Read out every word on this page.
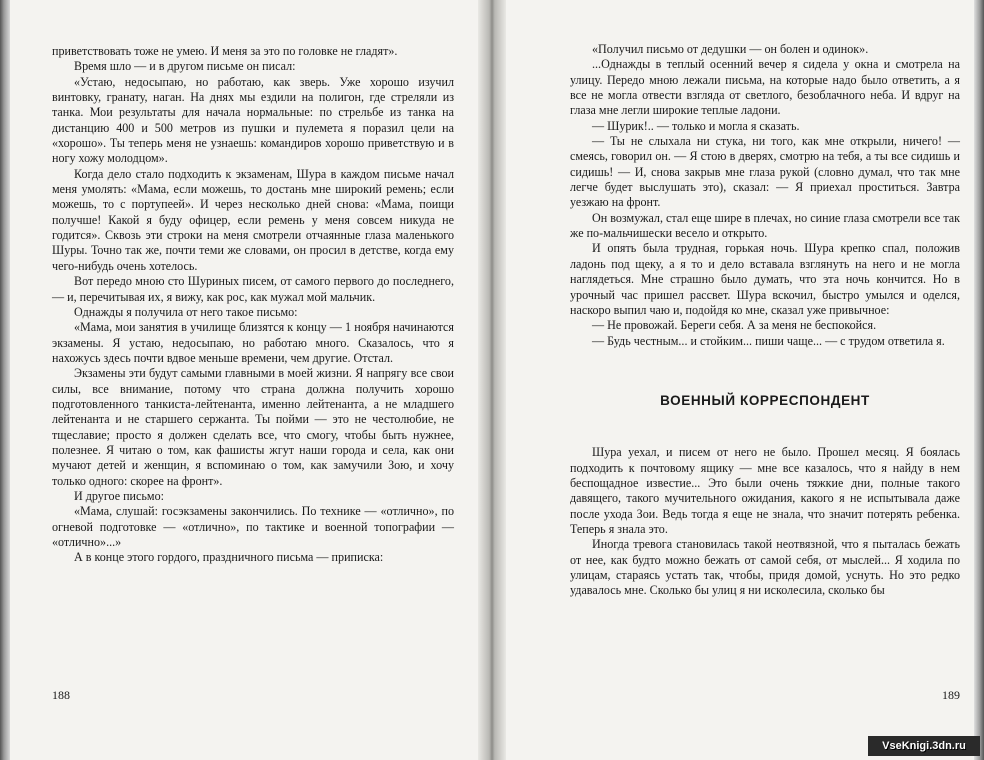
приветствовать тоже не умею. И меня за это по головке не гладят».

Время шло — и в другом письме он писал:

«Устаю, недосыпаю, но работаю, как зверь. Уже хорошо изучил винтовку, гранату, наган. На днях мы ездили на полигон, где стреляли из танка. Мои результаты для начала нормальные: по стрельбе из танка на дистанцию 400 и 500 метров из пушки и пулемета я поразил цели на «хорошо». Ты теперь меня не узнаешь: командиров хорошо приветствую и в ногу хожу молодцом».

Когда дело стало подходить к экзаменам, Шура в каждом письме начал меня умолять: «Мама, если можешь, то достань мне широкий ремень; если можешь, то с портупеей». И через несколько дней снова: «Мама, поищи получше! Какой я буду офицер, если ремень у меня совсем никуда не годится». Сквозь эти строки на меня смотрели отчаянные глаза маленького Шуры. Точно так же, почти теми же словами, он просил в детстве, когда ему чего-нибудь очень хотелось.

Вот передо мною сто Шуриных писем, от самого первого до последнего, — и, перечитывая их, я вижу, как рос, как мужал мой мальчик.

Однажды я получила от него такое письмо:

«Мама, мои занятия в училище близятся к концу — 1 ноября начинаются экзамены. Я устаю, недосыпаю, но работаю много. Сказалось, что я нахожусь здесь почти вдвое меньше времени, чем другие. Отстал.

Экзамены эти будут самыми главными в моей жизни. Я напрягу все свои силы, все внимание, потому что страна должна получить хорошо подготовленного танкиста-лейтенанта, именно лейтенанта, а не младшего лейтенанта и не старшего сержанта. Ты пойми — это не честолюбие, не тщеславие; просто я должен сделать все, что смогу, чтобы быть нужнее, полезнее. Я читаю о том, как фашисты жгут наши города и села, как они мучают детей и женщин, я вспоминаю о том, как замучили Зою, и хочу только одного: скорее на фронт».

И другое письмо:

«Мама, слушай: госэкзамены закончились. По технике — «отлично», по огневой подготовке — «отлично», по тактике и военной топографии — «отлично»...»

А в конце этого гордого, праздничного письма — приписка:

188

«Получил письмо от дедушки — он болен и одинок».

...Однажды в теплый осенний вечер я сидела у окна и смотрела на улицу. Передо мною лежали письма, на которые надо было ответить, а я все не могла отвести взгляда от светлого, безоблачного неба. И вдруг на глаза мне легли широкие теплые ладони.

— Шурик!.. — только и могла я сказать.

— Ты не слыхала ни стука, ни того, как мне открыли, ничего! — смеясь, говорил он. — Я стою в дверях, смотрю на тебя, а ты все сидишь и сидишь! — И, снова закрыв мне глаза рукой (словно думал, что так мне легче будет выслушать это), сказал: — Я приехал проститься. Завтра уезжаю на фронт.

Он возмужал, стал еще шире в плечах, но синие глаза смотрели все так же по-мальчишески весело и открыто.

И опять была трудная, горькая ночь. Шура крепко спал, положив ладонь под щеку, а я то и дело вставала взглянуть на него и не могла наглядеться. Мне страшно было думать, что эта ночь кончится. Но в урочный час пришел рассвет. Шура вскочил, быстро умылся и оделся, наскоро выпил чаю и, подойдя ко мне, сказал уже привычное:

— Не провожай. Береги себя. А за меня не беспокойся.

— Будь честным... и стойким... пиши чаще... — с трудом ответила я.

ВОЕННЫЙ КОРРЕСПОНДЕНТ

Шура уехал, и писем от него не было. Прошел месяц. Я боялась подходить к почтовому ящику — мне все казалось, что я найду в нем беспощадное известие... Это были очень тяжкие дни, полные такого давящего, такого мучительного ожидания, какого я не испытывала даже после ухода Зои. Ведь тогда я еще не знала, что значит потерять ребенка. Теперь я знала это.

Иногда тревога становилась такой неотвязной, что я пыталась бежать от нее, как будто можно бежать от самой себя, от мыслей... Я ходила по улицам, стараясь устать так, чтобы, придя домой, уснуть. Но это редко удавалось мне. Сколько бы улиц я ни исколесила, сколько бы

189
VseKnigi.3dn.ru
